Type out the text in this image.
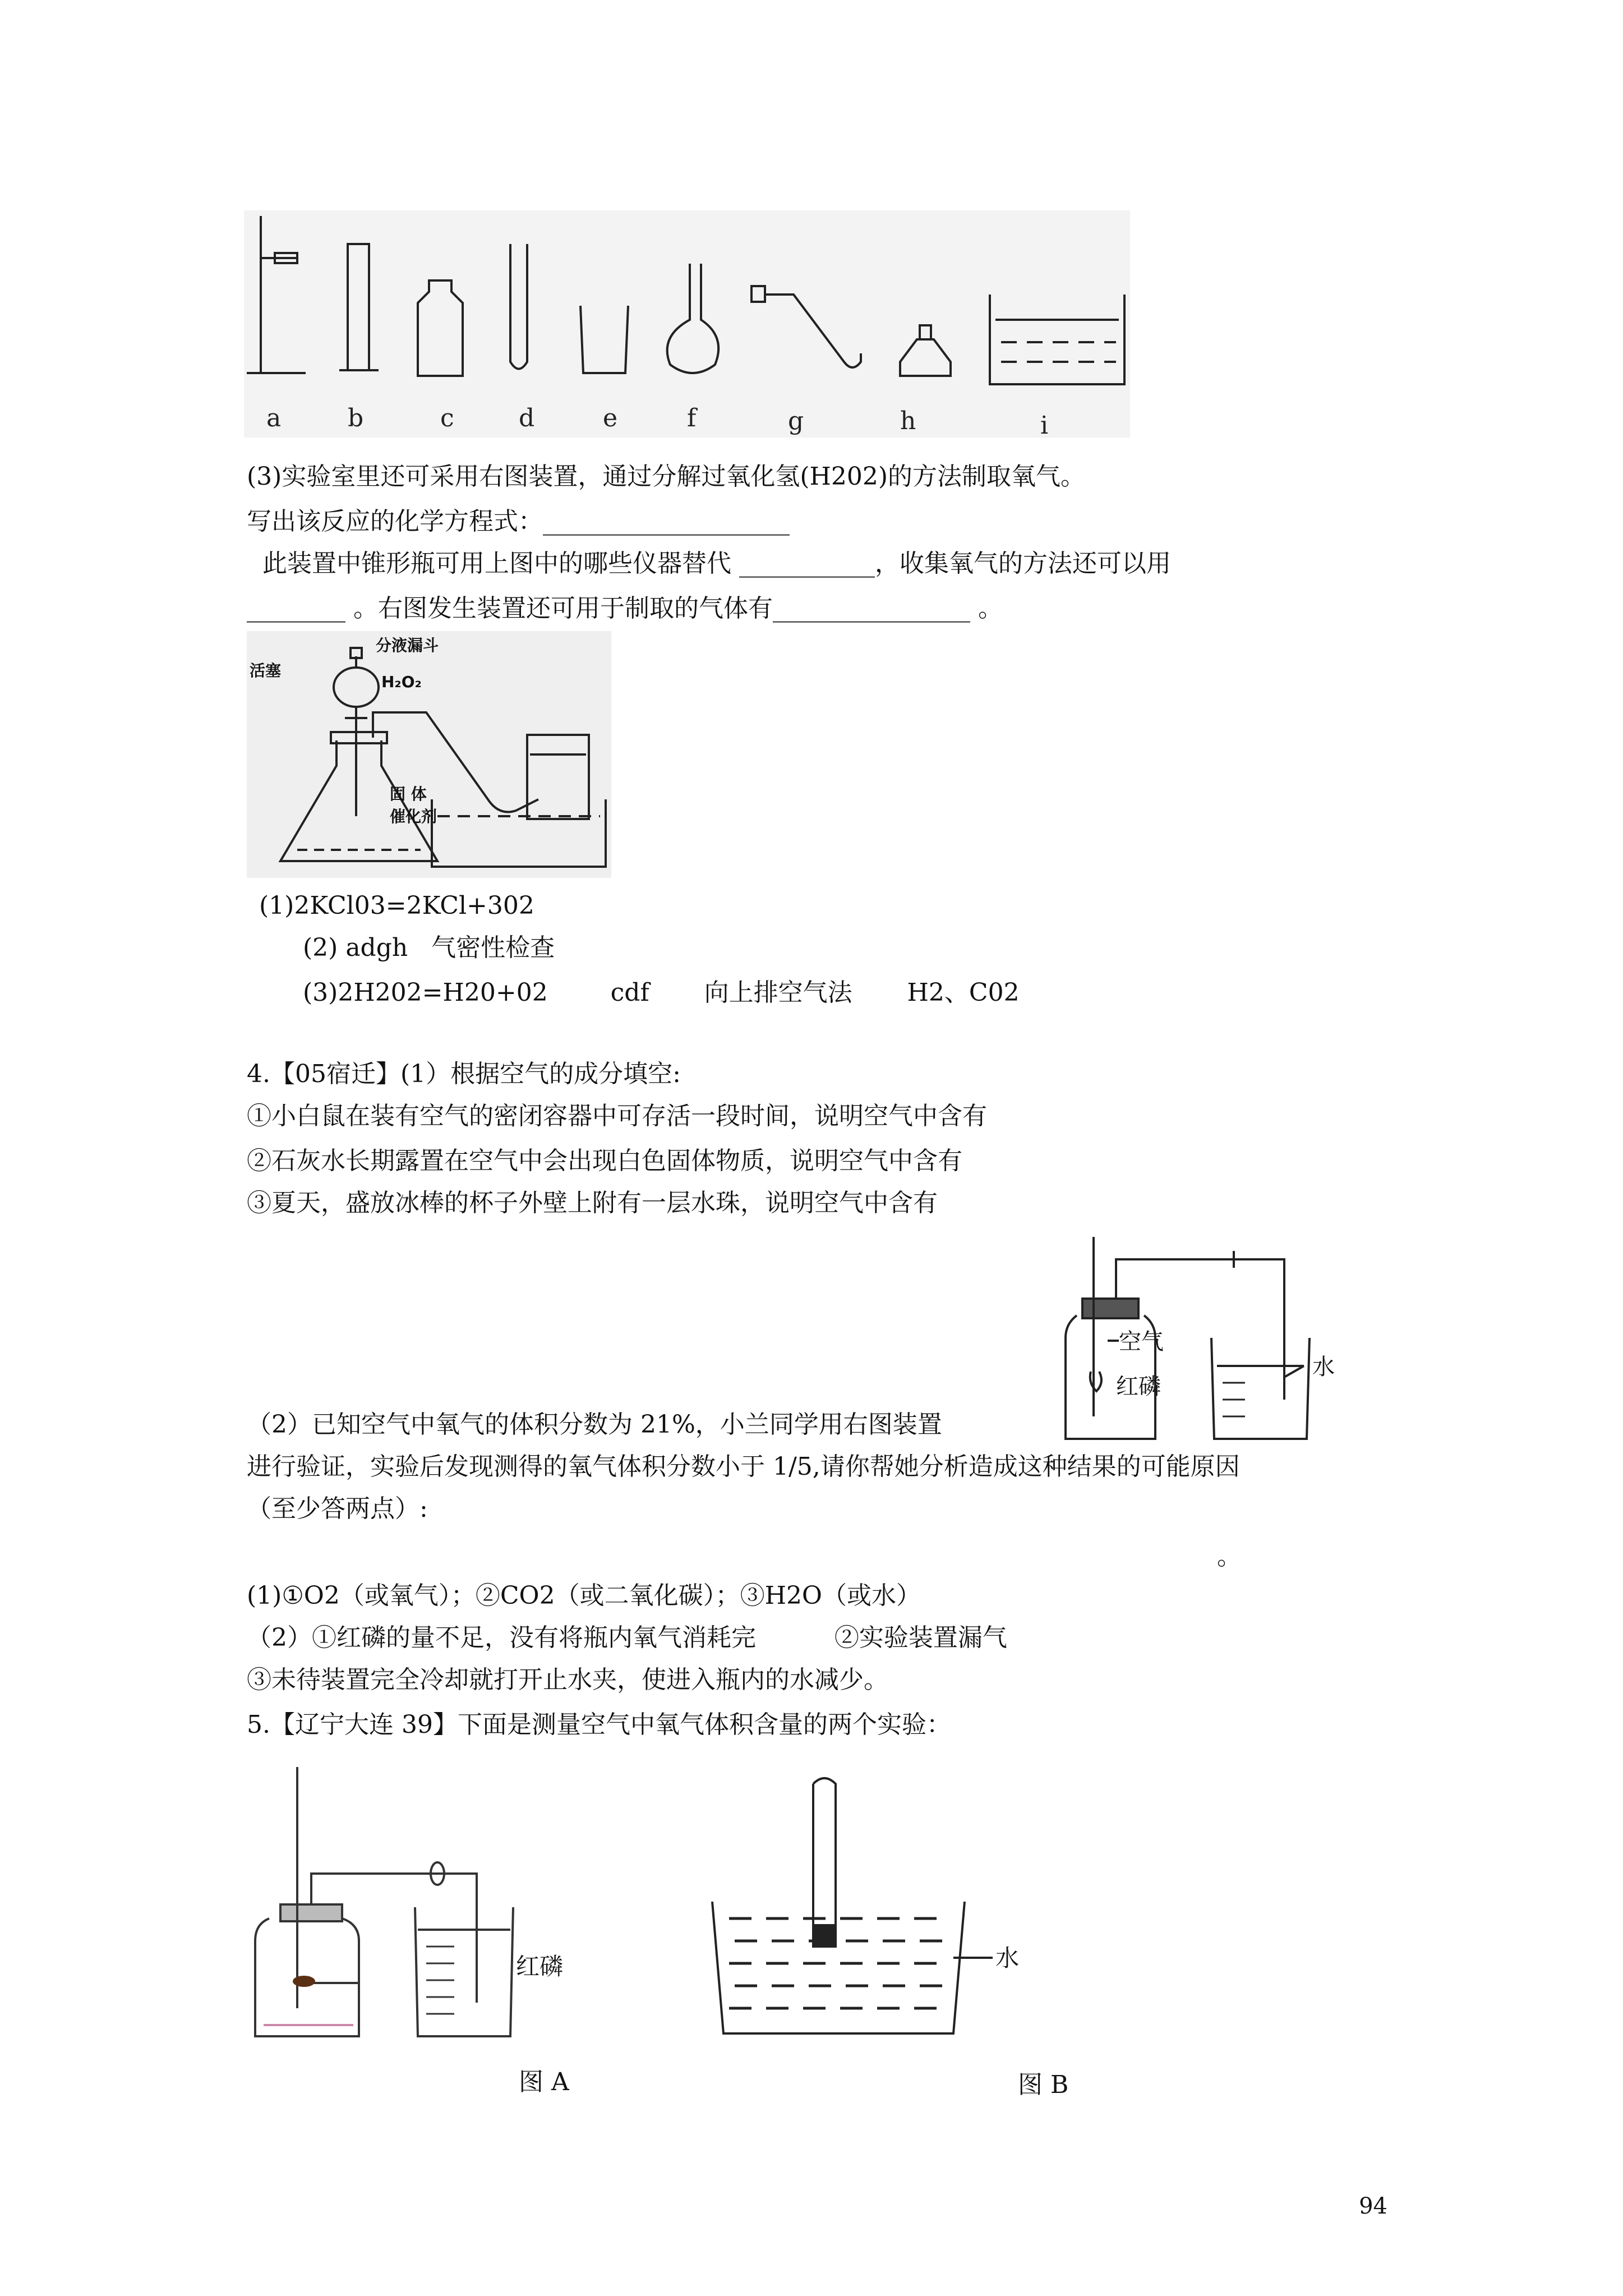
a	b	c	d	e	f	g	h	i
(3)实验室里还可采用右图装置，通过分解过氧化氢(H202)的方法制取氧气。
写出该反应的化学方程式：____________________
此装置中锥形瓶可用上图中的哪些仪器替代 ___________，收集氧气的方法还可以用
________ 。右图发生装置还可用于制取的气体有________________ 。
分液漏斗
活塞
H₂O₂
固 体
催化剂
(1)2KCl03=2KCl+302
(2) adgh   气密性检查
(3)2H202=H20+02        cdf       向上排空气法       H2、C02
4.【05宿迁】(1）根据空气的成分填空:
①小白鼠在装有空气的密闭容器中可存活一段时间，说明空气中含有
②石灰水长期露置在空气中会出现白色固体物质，说明空气中含有
③夏天，盛放冰棒的杯子外壁上附有一层水珠，说明空气中含有
空气
红磷
水
（2）已知空气中氧气的体积分数为 21%，小兰同学用右图装置
进行验证，实验后发现测得的氧气体积分数小于 1/5,请你帮她分析造成这种结果的可能原因
（至少答两点）:
。
(1)①O2（或氧气）；②CO2（或二氧化碳）；③H2O（或水）
（2）①红磷的量不足，没有将瓶内氧气消耗完          ②实验装置漏气
③未待装置完全冷却就打开止水夹，使进入瓶内的水减少。
5.【辽宁大连 39】下面是测量空气中氧气体积含量的两个实验：
红磷	水
图 A	图 B
94
